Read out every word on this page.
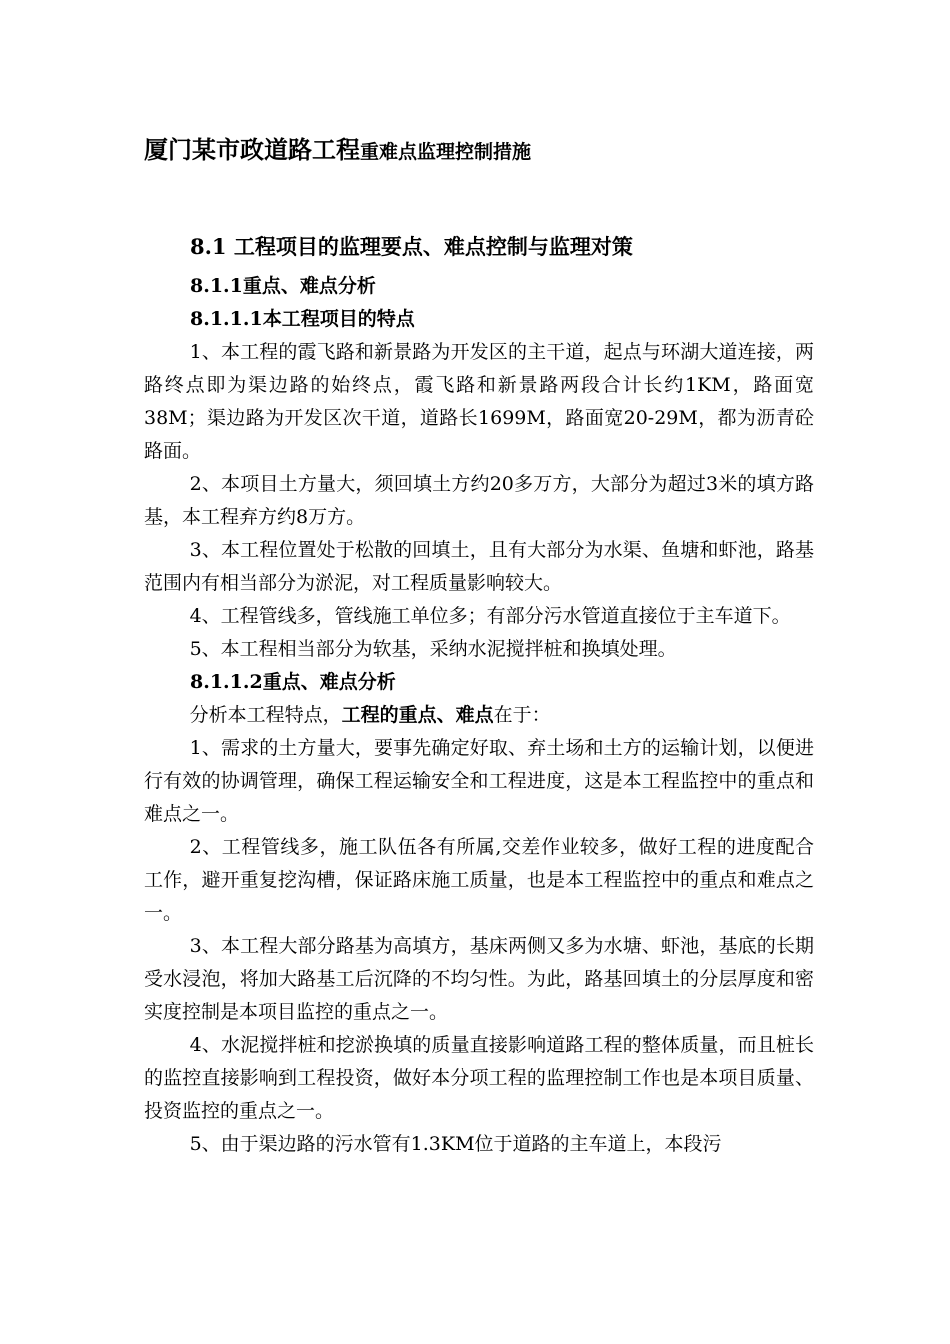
厦门某市政道路工程重难点监理控制措施
8.1 工程项目的监理要点、难点控制与监理对策
8.1.1重点、难点分析
8.1.1.1本工程项目的特点

1、本工程的霞飞路和新景路为开发区的主干道，起点与环湖大道连接，两路终点即为渠边路的始终点，霞飞路和新景路两段合计长约1KM，路面宽38M；渠边路为开发区次干道，道路长1699M，路面宽20-29M，都为沥青砼路面。

2、本项目土方量大，须回填土方约20多万方，大部分为超过3米的填方路基，本工程弃方约8万方。

3、本工程位置处于松散的回填土，且有大部分为水渠、鱼塘和虾池，路基范围内有相当部分为淤泥，对工程质量影响较大。

4、工程管线多，管线施工单位多；有部分污水管道直接位于主车道下。

5、本工程相当部分为软基，采纳水泥搅拌桩和换填处理。

8.1.1.2重点、难点分析

分析本工程特点，工程的重点、难点在于：

1、需求的土方量大，要事先确定好取、弃土场和土方的运输计划，以便进行有效的协调管理，确保工程运输安全和工程进度，这是本工程监控中的重点和难点之一。

2、工程管线多，施工队伍各有所属,交差作业较多，做好工程的进度配合工作，避开重复挖沟槽，保证路床施工质量，也是本工程监控中的重点和难点之一。

3、本工程大部分路基为高填方，基床两侧又多为水塘、虾池，基底的长期受水浸泡，将加大路基工后沉降的不均匀性。为此，路基回填土的分层厚度和密实度控制是本项目监控的重点之一。

4、水泥搅拌桩和挖淤换填的质量直接影响道路工程的整体质量，而且桩长的监控直接影响到工程投资，做好本分项工程的监理控制工作也是本项目质量、投资监控的重点之一。

5、由于渠边路的污水管有1.3KM位于道路的主车道上，本段污
